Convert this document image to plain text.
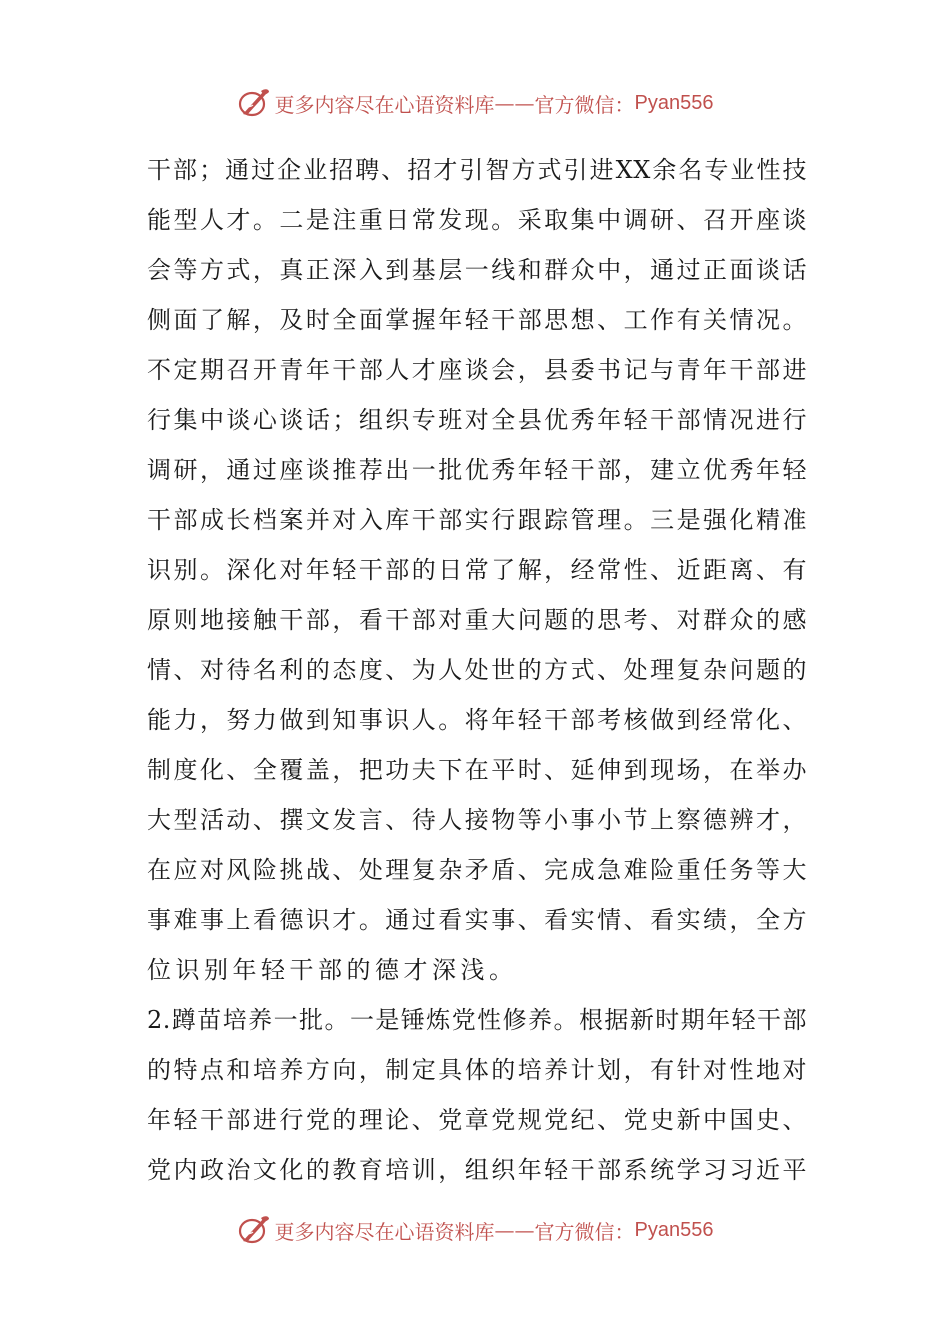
更多内容尽在心语资料库 —— 官方微信： Pyan556
干部；通过企业招聘、招才引智方式引进XX余名专业性技
能型人才。二是注重日常发现。采取集中调研、召开座谈
会等方式，真正深入到基层一线和群众中，通过正面谈话
侧面了解，及时全面掌握年轻干部思想、工作有关情况。
不定期召开青年干部人才座谈会，县委书记与青年干部进
行集中谈心谈话；组织专班对全县优秀年轻干部情况进行
调研，通过座谈推荐出一批优秀年轻干部，建立优秀年轻
干部成长档案并对入库干部实行跟踪管理。三是强化精准
识别。深化对年轻干部的日常了解，经常性、近距离、有
原则地接触干部，看干部对重大问题的思考、对群众的感
情、对待名利的态度、为人处世的方式、处理复杂问题的
能力，努力做到知事识人。将年轻干部考核做到经常化、
制度化、全覆盖，把功夫下在平时、延伸到现场，在举办
大型活动、撰文发言、待人接物等小事小节上察德辨才，
在应对风险挑战、处理复杂矛盾、完成急难险重任务等大
事难事上看德识才。通过看实事、看实情、看实绩，全方
位识别年轻干部的德才深浅。
2.蹲苗培养一批。一是锤炼党性修养。根据新时期年轻干部
的特点和培养方向，制定具体的培养计划，有针对性地对
年轻干部进行党的理论、党章党规党纪、党史新中国史、
党内政治文化的教育培训，组织年轻干部系统学习习近平
更多内容尽在心语资料库 —— 官方微信： Pyan556
